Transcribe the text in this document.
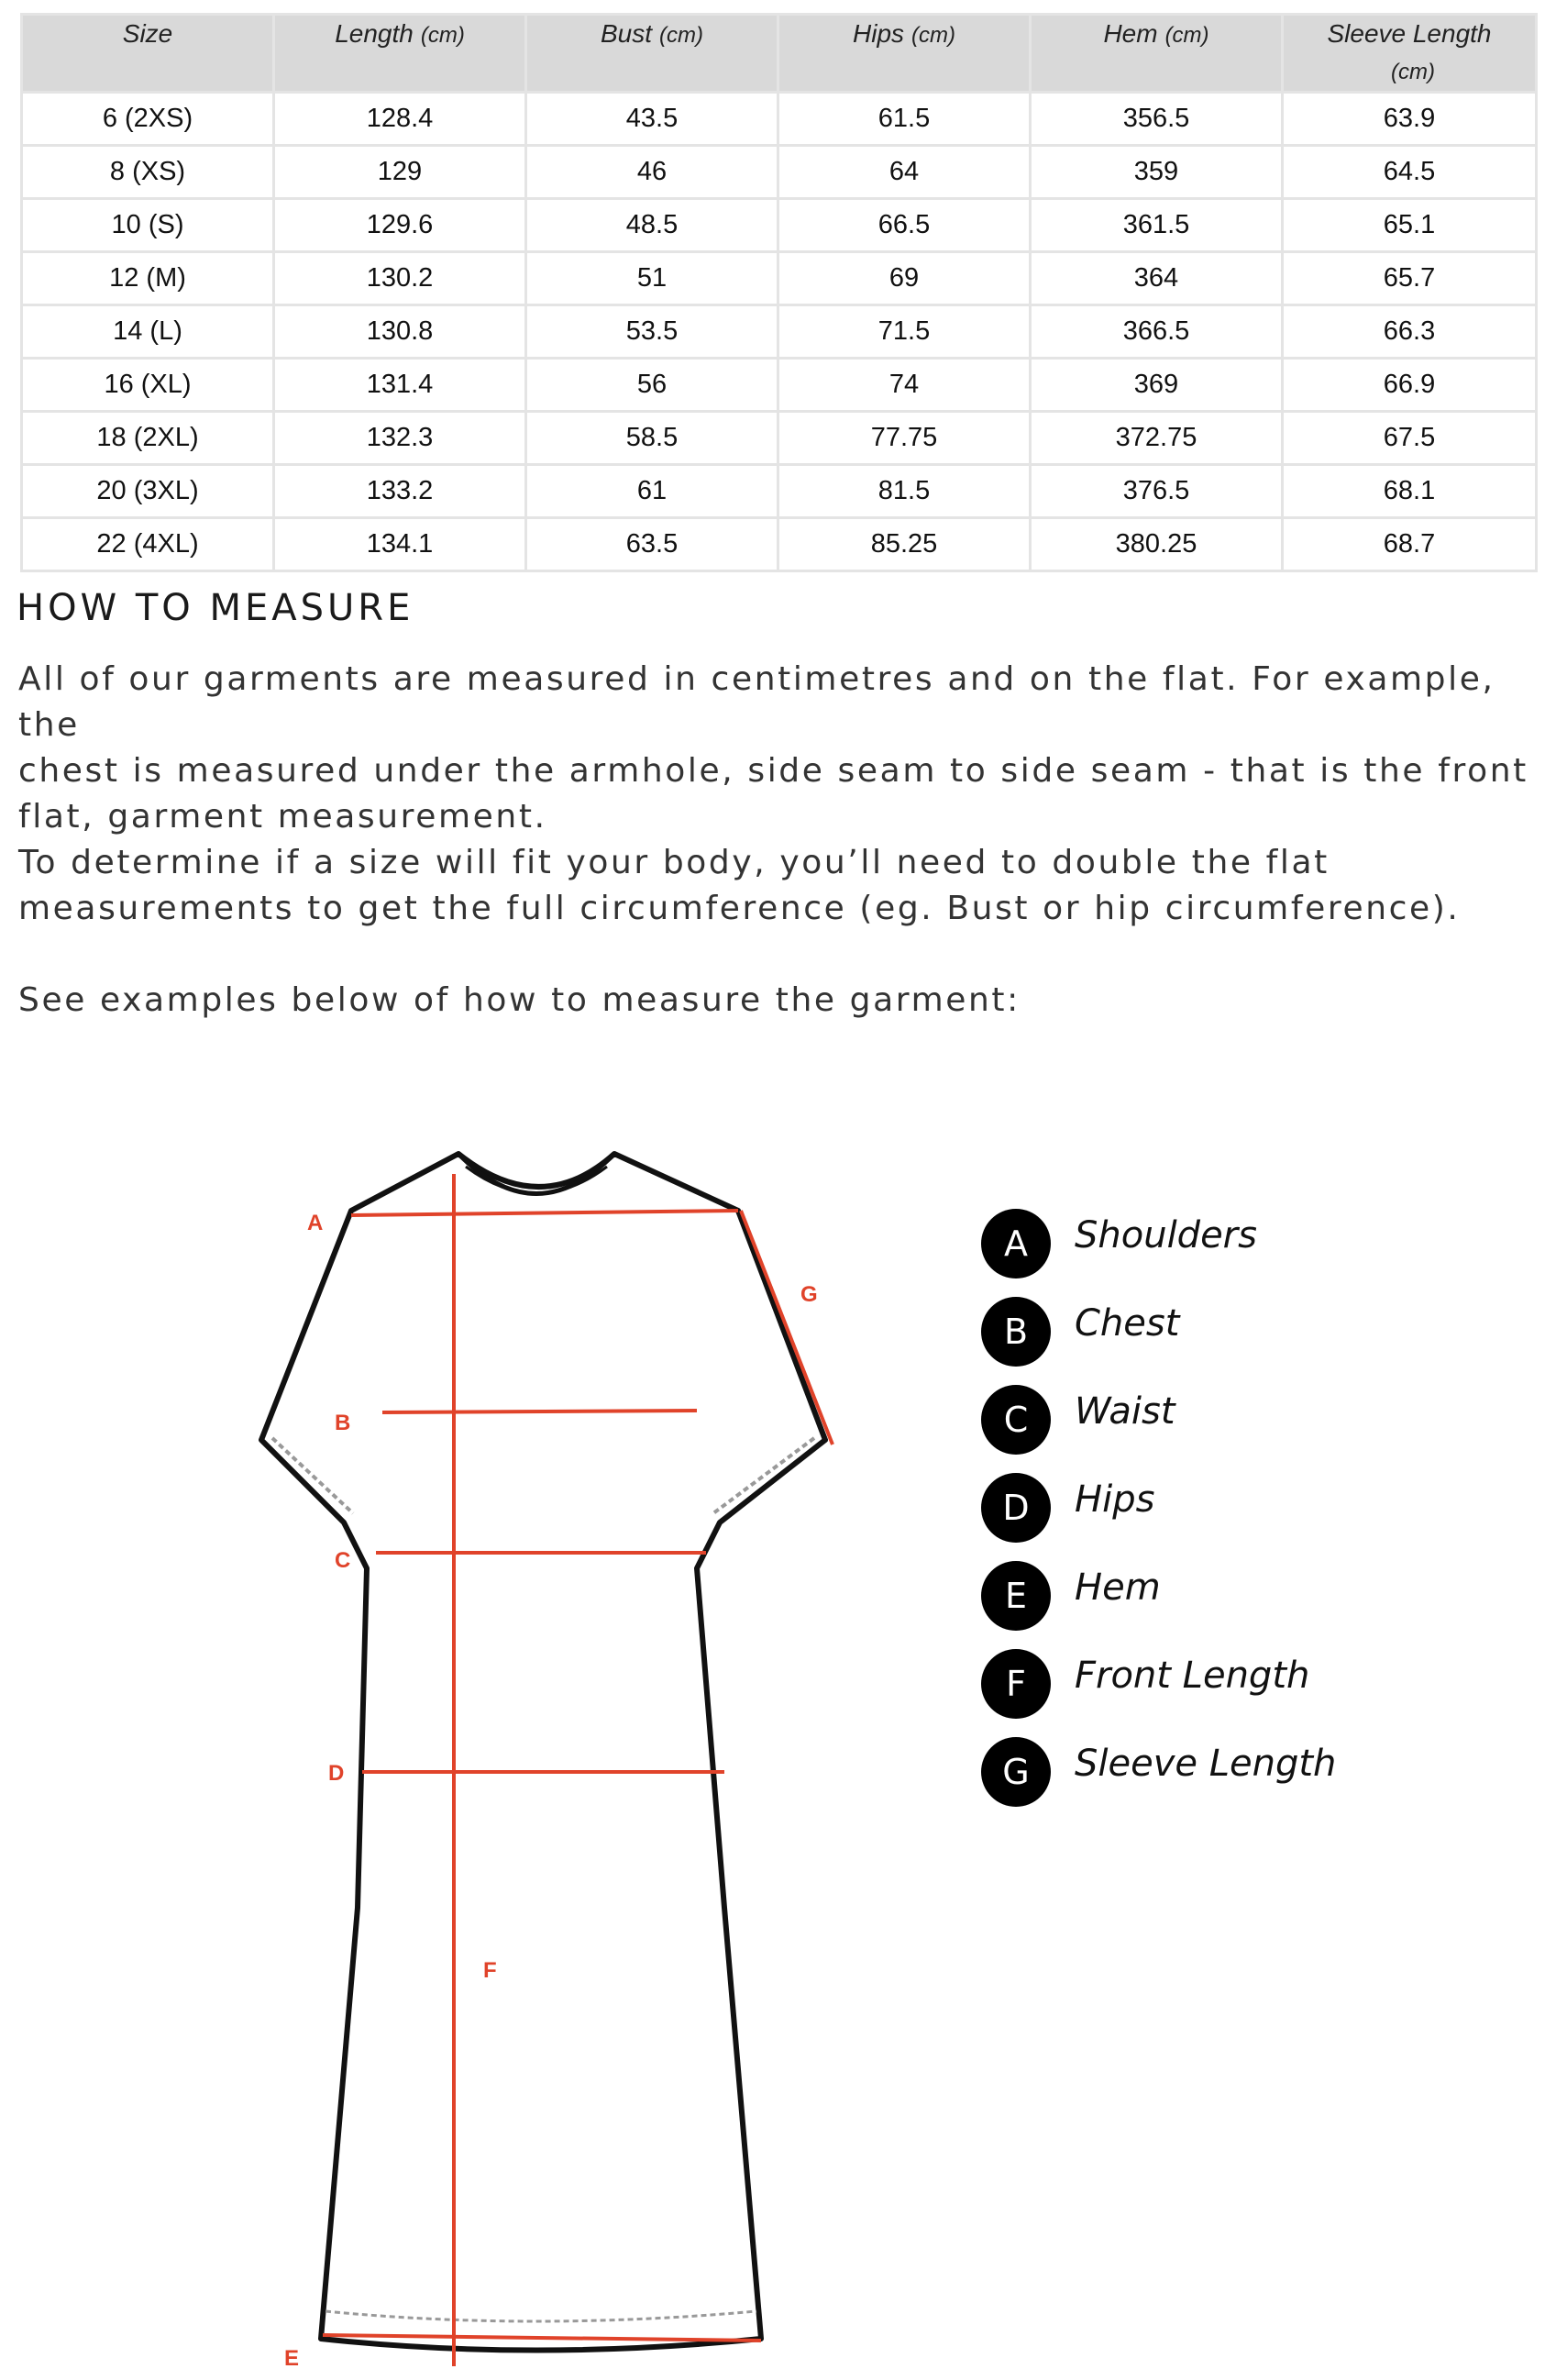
Size	Length (cm)	Bust (cm)	Hips (cm)	Hem (cm)	Sleeve Length
(cm)
6 (2XS)	128.4	43.5	61.5	356.5	63.9
8 (XS)	129	46	64	359	64.5
10 (S)	129.6	48.5	66.5	361.5	65.1
12 (M)	130.2	51	69	364	65.7
14 (L)	130.8	53.5	71.5	366.5	66.3
16 (XL)	131.4	56	74	369	66.9
18 (2XL)	132.3	58.5	77.75	372.75	67.5
20 (3XL)	133.2	61	81.5	376.5	68.1
22 (4XL)	134.1	63.5	85.25	380.25	68.7
HOW TO MEASURE

All of our garments are measured in centimetres and on the flat. For example, the
chest is measured under the armhole, side seam to side seam - that is the front
flat, garment measurement.

To determine if a size will fit your body, you’ll need to double the flat
measurements to get the full circumference (eg. Bust or hip circumference).

See examples below of how to measure the garment:

A
B
C
D
E
F
G
A	Shoulders
B	Chest
C	Waist
D	Hips
E	Hem
F	Front Length
G	Sleeve Length
